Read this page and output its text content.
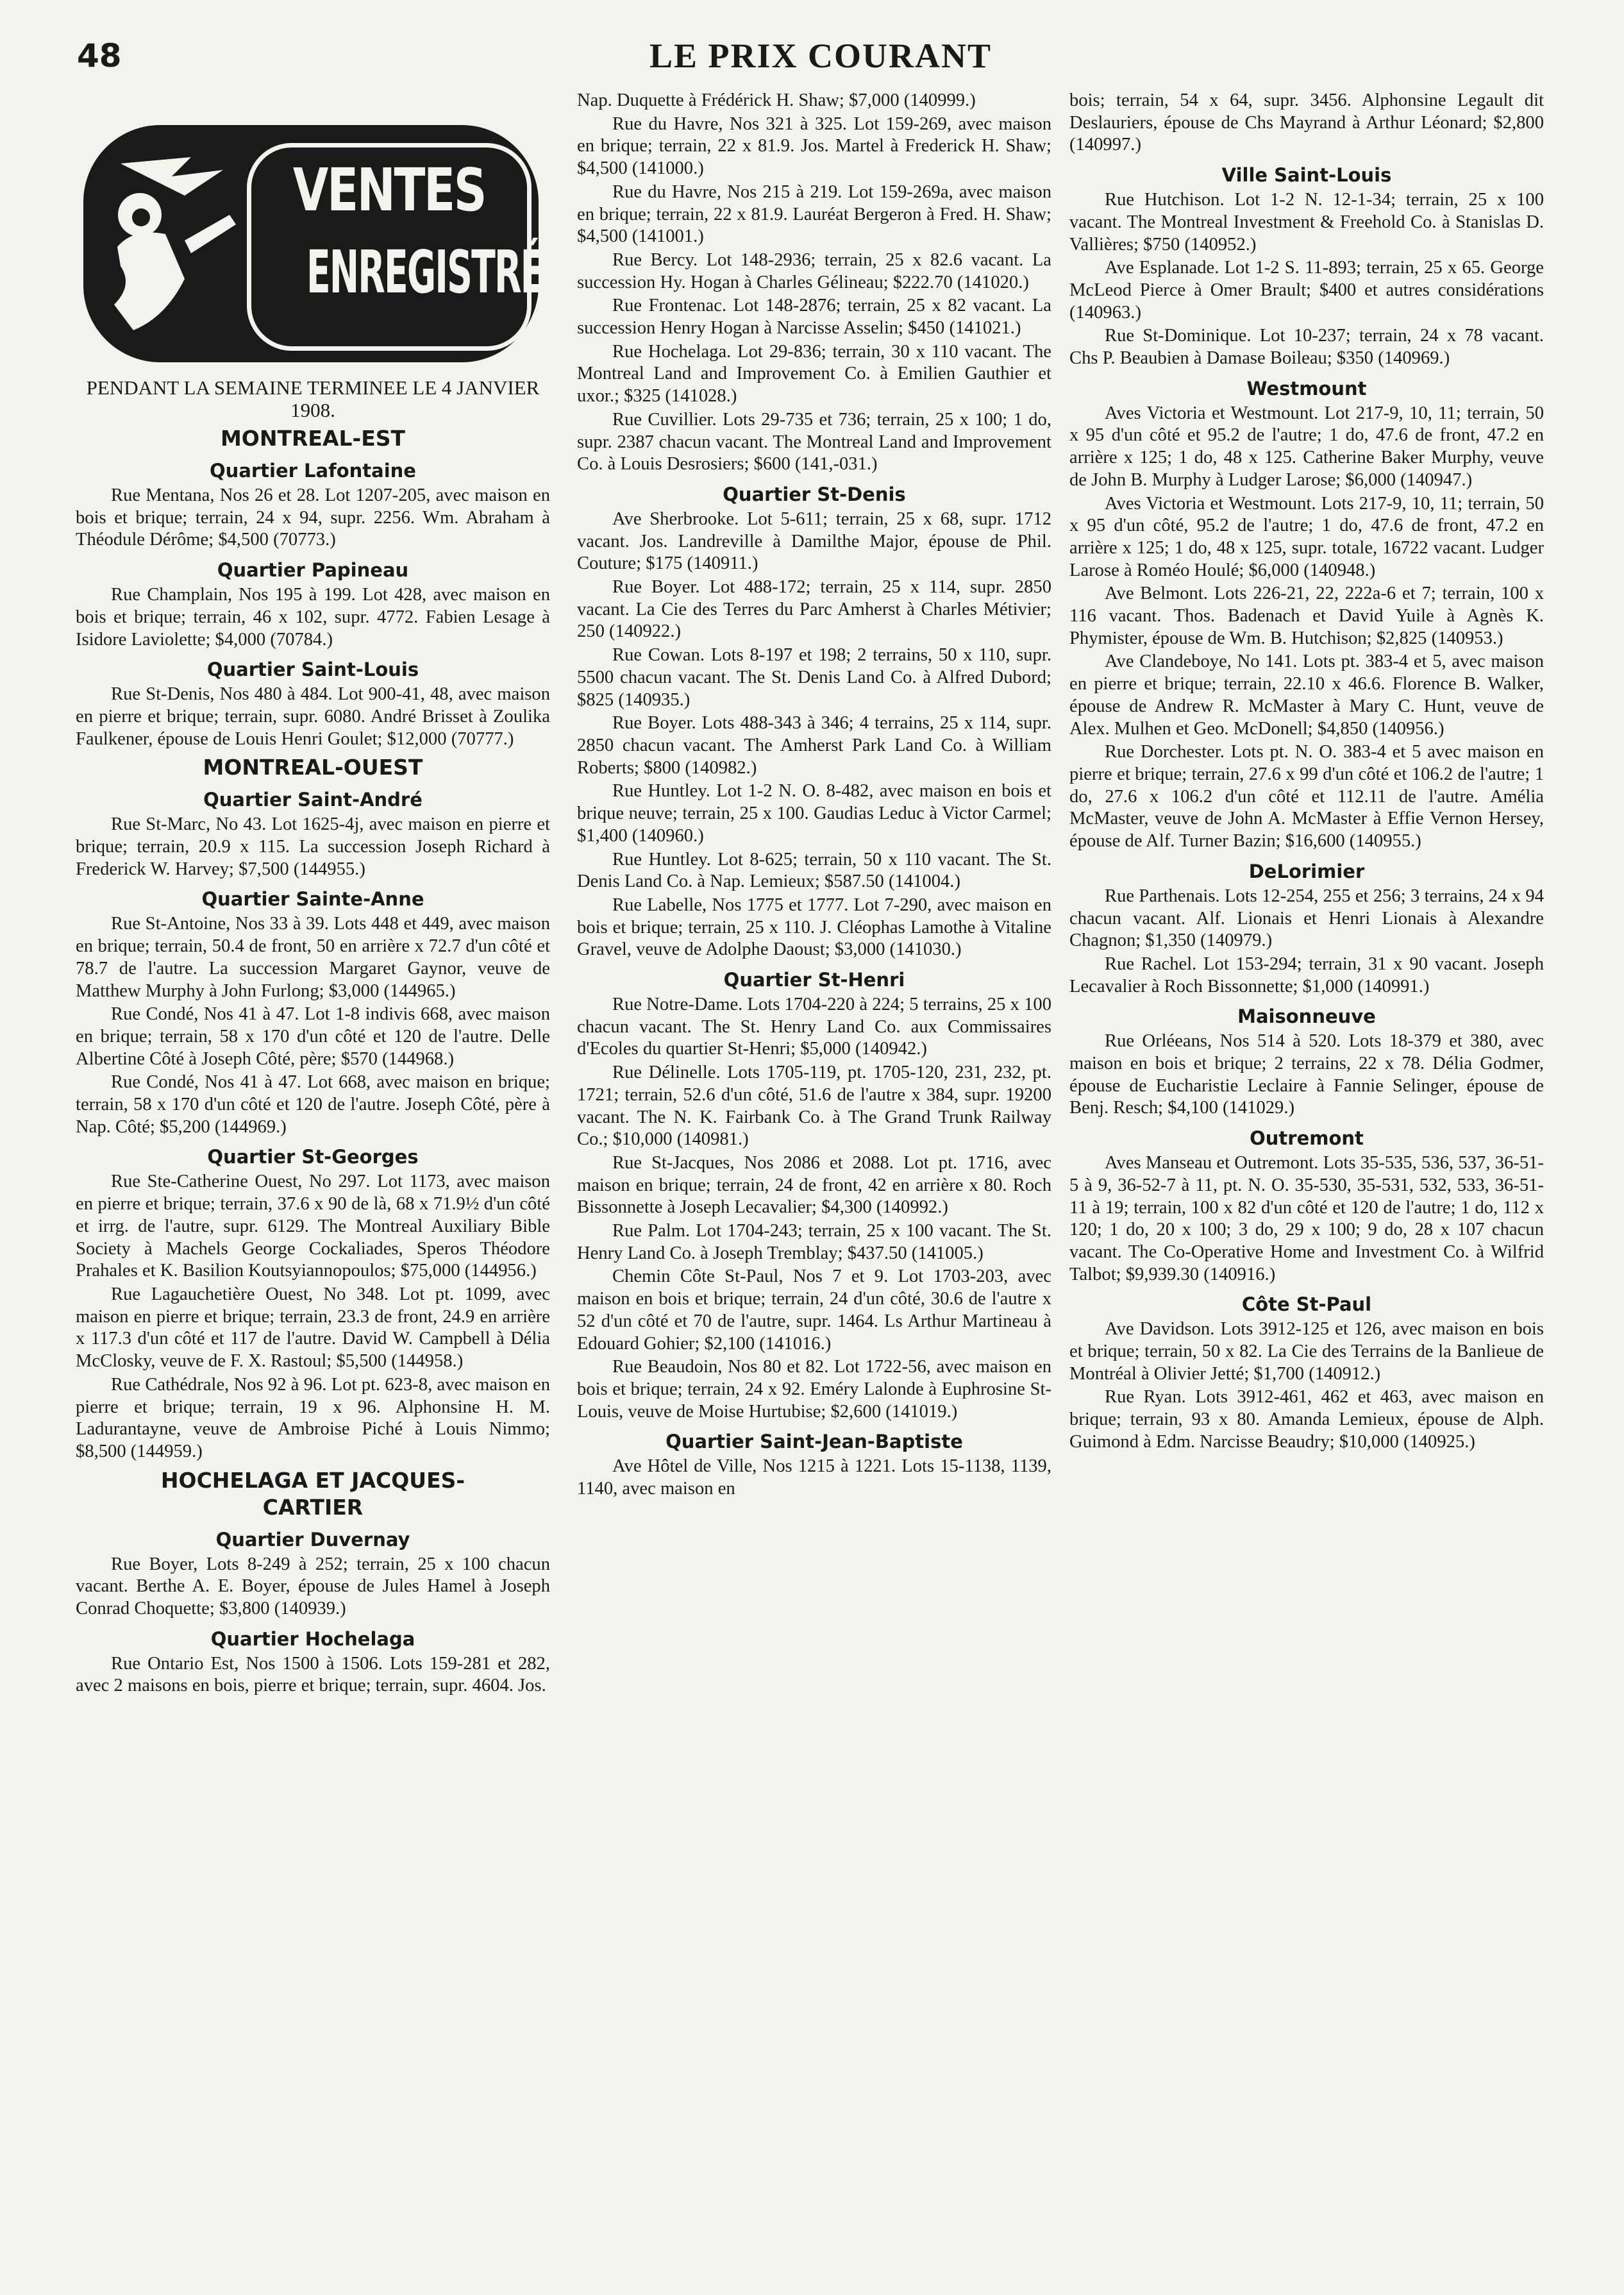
48	LE PRIX COURANT
VENTES
ENREGISTRÉES

PENDANT LA SEMAINE TERMINEE LE 4 JANVIER 1908.

MONTREAL-EST
Quartier Lafontaine

Rue Mentana, Nos 26 et 28. Lot 1207-205, avec maison en bois et brique; terrain, 24 x 94, supr. 2256. Wm. Abraham à Théodule Dérôme; $4,500 (70773.)

Quartier Papineau

Rue Champlain, Nos 195 à 199. Lot 428, avec maison en bois et brique; terrain, 46 x 102, supr. 4772. Fabien Lesage à Isidore Laviolette; $4,000 (70784.)

Quartier Saint-Louis

Rue St-Denis, Nos 480 à 484. Lot 900-41, 48, avec maison en pierre et brique; terrain, supr. 6080. André Brisset à Zoulika Faulkener, épouse de Louis Henri Goulet; $12,000 (70777.)

MONTREAL-OUEST
Quartier Saint-André

Rue St-Marc, No 43. Lot 1625-4j, avec maison en pierre et brique; terrain, 20.9 x 115. La succession Joseph Richard à Frederick W. Harvey; $7,500 (144955.)

Quartier Sainte-Anne

Rue St-Antoine, Nos 33 à 39. Lots 448 et 449, avec maison en brique; terrain, 50.4 de front, 50 en arrière x 72.7 d'un côté et 78.7 de l'autre. La succession Margaret Gaynor, veuve de Matthew Murphy à John Furlong; $3,000 (144965.)

Rue Condé, Nos 41 à 47. Lot 1-8 indivis 668, avec maison en brique; terrain, 58 x 170 d'un côté et 120 de l'autre. Delle Albertine Côté à Joseph Côté, père; $570 (144968.)

Rue Condé, Nos 41 à 47. Lot 668, avec maison en brique; terrain, 58 x 170 d'un côté et 120 de l'autre. Joseph Côté, père à Nap. Côté; $5,200 (144969.)

Quartier St-Georges

Rue Ste-Catherine Ouest, No 297. Lot 1173, avec maison en pierre et brique; terrain, 37.6 x 90 de là, 68 x 71.9½ d'un côté et irrg. de l'autre, supr. 6129. The Montreal Auxiliary Bible Society à Machels George Cockaliades, Speros Théodore Prahales et K. Basilion Koutsyiannopoulos; $75,000 (144956.)

Rue Lagauchetière Ouest, No 348. Lot pt. 1099, avec maison en pierre et brique; terrain, 23.3 de front, 24.9 en arrière x 117.3 d'un côté et 117 de l'autre. David W. Campbell à Délia McClosky, veuve de F. X. Rastoul; $5,500 (144958.)

Rue Cathédrale, Nos 92 à 96. Lot pt. 623-8, avec maison en pierre et brique; terrain, 19 x 96. Alphonsine H. M. Ladurantayne, veuve de Ambroise Piché à Louis Nimmo; $8,500 (144959.)

HOCHELAGA ET JACQUES-
CARTIER
Quartier Duvernay

Rue Boyer, Lots 8-249 à 252; terrain, 25 x 100 chacun vacant. Berthe A. E. Boyer, épouse de Jules Hamel à Joseph Conrad Choquette; $3,800 (140939.)

Quartier Hochelaga

Rue Ontario Est, Nos 1500 à 1506. Lots 159-281 et 282, avec 2 maisons en bois, pierre et brique; terrain, supr. 4604. Jos.

Nap. Duquette à Frédérick H. Shaw; $7,000 (140999.)

Rue du Havre, Nos 321 à 325. Lot 159-269, avec maison en brique; terrain, 22 x 81.9. Jos. Martel à Frederick H. Shaw; $4,500 (141000.)

Rue du Havre, Nos 215 à 219. Lot 159-269a, avec maison en brique; terrain, 22 x 81.9. Lauréat Bergeron à Fred. H. Shaw; $4,500 (141001.)

Rue Bercy. Lot 148-2936; terrain, 25 x 82.6 vacant. La succession Hy. Hogan à Charles Gélineau; $222.70 (141020.)

Rue Frontenac. Lot 148-2876; terrain, 25 x 82 vacant. La succession Henry Hogan à Narcisse Asselin; $450 (141021.)

Rue Hochelaga. Lot 29-836; terrain, 30 x 110 vacant. The Montreal Land and Improvement Co. à Emilien Gauthier et uxor.; $325 (141028.)

Rue Cuvillier. Lots 29-735 et 736; terrain, 25 x 100; 1 do, supr. 2387 chacun vacant. The Montreal Land and Improvement Co. à Louis Desrosiers; $600 (141,-031.)

Quartier St-Denis

Ave Sherbrooke. Lot 5-611; terrain, 25 x 68, supr. 1712 vacant. Jos. Landreville à Damilthe Major, épouse de Phil. Couture; $175 (140911.)

Rue Boyer. Lot 488-172; terrain, 25 x 114, supr. 2850 vacant. La Cie des Terres du Parc Amherst à Charles Métivier; 250 (140922.)

Rue Cowan. Lots 8-197 et 198; 2 terrains, 50 x 110, supr. 5500 chacun vacant. The St. Denis Land Co. à Alfred Dubord; $825 (140935.)

Rue Boyer. Lots 488-343 à 346; 4 terrains, 25 x 114, supr. 2850 chacun vacant. The Amherst Park Land Co. à William Roberts; $800 (140982.)

Rue Huntley. Lot 1-2 N. O. 8-482, avec maison en bois et brique neuve; terrain, 25 x 100. Gaudias Leduc à Victor Carmel; $1,400 (140960.)

Rue Huntley. Lot 8-625; terrain, 50 x 110 vacant. The St. Denis Land Co. à Nap. Lemieux; $587.50 (141004.)

Rue Labelle, Nos 1775 et 1777. Lot 7-290, avec maison en bois et brique; terrain, 25 x 110. J. Cléophas Lamothe à Vitaline Gravel, veuve de Adolphe Daoust; $3,000 (141030.)

Quartier St-Henri

Rue Notre-Dame. Lots 1704-220 à 224; 5 terrains, 25 x 100 chacun vacant. The St. Henry Land Co. aux Commissaires d'Ecoles du quartier St-Henri; $5,000 (140942.)

Rue Délinelle. Lots 1705-119, pt. 1705-120, 231, 232, pt. 1721; terrain, 52.6 d'un côté, 51.6 de l'autre x 384, supr. 19200 vacant. The N. K. Fairbank Co. à The Grand Trunk Railway Co.; $10,000 (140981.)

Rue St-Jacques, Nos 2086 et 2088. Lot pt. 1716, avec maison en brique; terrain, 24 de front, 42 en arrière x 80. Roch Bissonnette à Joseph Lecavalier; $4,300 (140992.)

Rue Palm. Lot 1704-243; terrain, 25 x 100 vacant. The St. Henry Land Co. à Joseph Tremblay; $437.50 (141005.)

Chemin Côte St-Paul, Nos 7 et 9. Lot 1703-203, avec maison en bois et brique; terrain, 24 d'un côté, 30.6 de l'autre x 52 d'un côté et 70 de l'autre, supr. 1464. Ls Arthur Martineau à Edouard Gohier; $2,100 (141016.)

Rue Beaudoin, Nos 80 et 82. Lot 1722-56, avec maison en bois et brique; terrain, 24 x 92. Eméry Lalonde à Euphrosine St-Louis, veuve de Moise Hurtubise; $2,600 (141019.)

Quartier Saint-Jean-Baptiste

Ave Hôtel de Ville, Nos 1215 à 1221. Lots 15-1138, 1139, 1140, avec maison en

bois; terrain, 54 x 64, supr. 3456. Alphonsine Legault dit Deslauriers, épouse de Chs Mayrand à Arthur Léonard; $2,800 (140997.)

Ville Saint-Louis

Rue Hutchison. Lot 1-2 N. 12-1-34; terrain, 25 x 100 vacant. The Montreal Investment & Freehold Co. à Stanislas D. Vallières; $750 (140952.)

Ave Esplanade. Lot 1-2 S. 11-893; terrain, 25 x 65. George McLeod Pierce à Omer Brault; $400 et autres considérations (140963.)

Rue St-Dominique. Lot 10-237; terrain, 24 x 78 vacant. Chs P. Beaubien à Damase Boileau; $350 (140969.)

Westmount

Aves Victoria et Westmount. Lot 217-9, 10, 11; terrain, 50 x 95 d'un côté et 95.2 de l'autre; 1 do, 47.6 de front, 47.2 en arrière x 125; 1 do, 48 x 125. Catherine Baker Murphy, veuve de John B. Murphy à Ludger Larose; $6,000 (140947.)

Aves Victoria et Westmount. Lots 217-9, 10, 11; terrain, 50 x 95 d'un côté, 95.2 de l'autre; 1 do, 47.6 de front, 47.2 en arrière x 125; 1 do, 48 x 125, supr. totale, 16722 vacant. Ludger Larose à Roméo Houlé; $6,000 (140948.)

Ave Belmont. Lots 226-21, 22, 222a-6 et 7; terrain, 100 x 116 vacant. Thos. Badenach et David Yuile à Agnès K. Phymister, épouse de Wm. B. Hutchison; $2,825 (140953.)

Ave Clandeboye, No 141. Lots pt. 383-4 et 5, avec maison en pierre et brique; terrain, 22.10 x 46.6. Florence B. Walker, épouse de Andrew R. McMaster à Mary C. Hunt, veuve de Alex. Mulhen et Geo. McDonell; $4,850 (140956.)

Rue Dorchester. Lots pt. N. O. 383-4 et 5 avec maison en pierre et brique; terrain, 27.6 x 99 d'un côté et 106.2 de l'autre; 1 do, 27.6 x 106.2 d'un côté et 112.11 de l'autre. Amélia McMaster, veuve de John A. McMaster à Effie Vernon Hersey, épouse de Alf. Turner Bazin; $16,600 (140955.)

DeLorimier

Rue Parthenais. Lots 12-254, 255 et 256; 3 terrains, 24 x 94 chacun vacant. Alf. Lionais et Henri Lionais à Alexandre Chagnon; $1,350 (140979.)

Rue Rachel. Lot 153-294; terrain, 31 x 90 vacant. Joseph Lecavalier à Roch Bissonnette; $1,000 (140991.)

Maisonneuve

Rue Orléeans, Nos 514 à 520. Lots 18-379 et 380, avec maison en bois et brique; 2 terrains, 22 x 78. Délia Godmer, épouse de Eucharistie Leclaire à Fannie Selinger, épouse de Benj. Resch; $4,100 (141029.)

Outremont

Aves Manseau et Outremont. Lots 35-535, 536, 537, 36-51-5 à 9, 36-52-7 à 11, pt. N. O. 35-530, 35-531, 532, 533, 36-51-11 à 19; terrain, 100 x 82 d'un côté et 120 de l'autre; 1 do, 112 x 120; 1 do, 20 x 100; 3 do, 29 x 100; 9 do, 28 x 107 chacun vacant. The Co-Operative Home and Investment Co. à Wilfrid Talbot; $9,939.30 (140916.)

Côte St-Paul

Ave Davidson. Lots 3912-125 et 126, avec maison en bois et brique; terrain, 50 x 82. La Cie des Terrains de la Banlieue de Montréal à Olivier Jetté; $1,700 (140912.)

Rue Ryan. Lots 3912-461, 462 et 463, avec maison en brique; terrain, 93 x 80. Amanda Lemieux, épouse de Alph. Guimond à Edm. Narcisse Beaudry; $10,000 (140925.)
